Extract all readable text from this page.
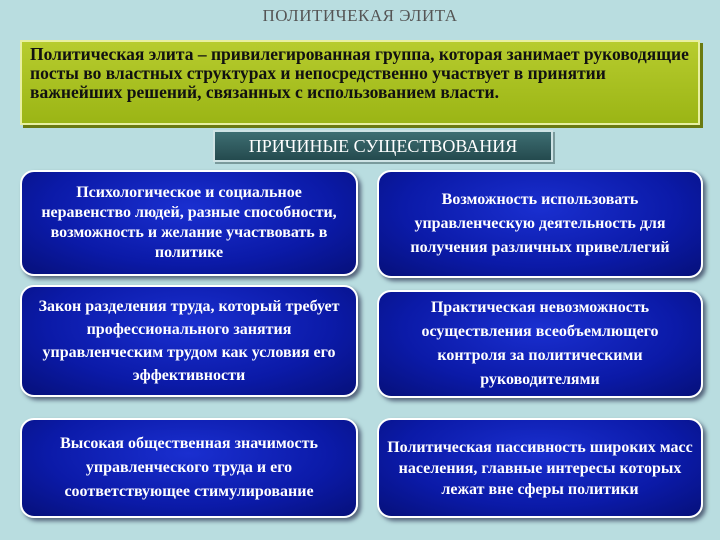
ПОЛИТИЧЕКАЯ ЭЛИТА
Политическая элита – привилегированная группа, которая занимает руководящие посты во властных структурах и непосредственно участвует в принятии важнейших решений, связанных с использованием власти.
ПРИЧИНЫЕ СУЩЕСТВОВАНИЯ
Психологическое и социальное неравенство людей, разные способности, возможность и желание участвовать в политике
Возможность использовать управленческую деятельность для получения различных привеллегий
Закон разделения труда, который требует профессионального занятия управленческим трудом как условия его эффективности
Практическая невозможность осуществления всеобъемлющего контроля за политическими руководителями
Высокая общественная значимость управленческого труда и его соответствующее стимулирование
Политическая пассивность широких масс населения, главные интересы которых лежат вне сферы политики
